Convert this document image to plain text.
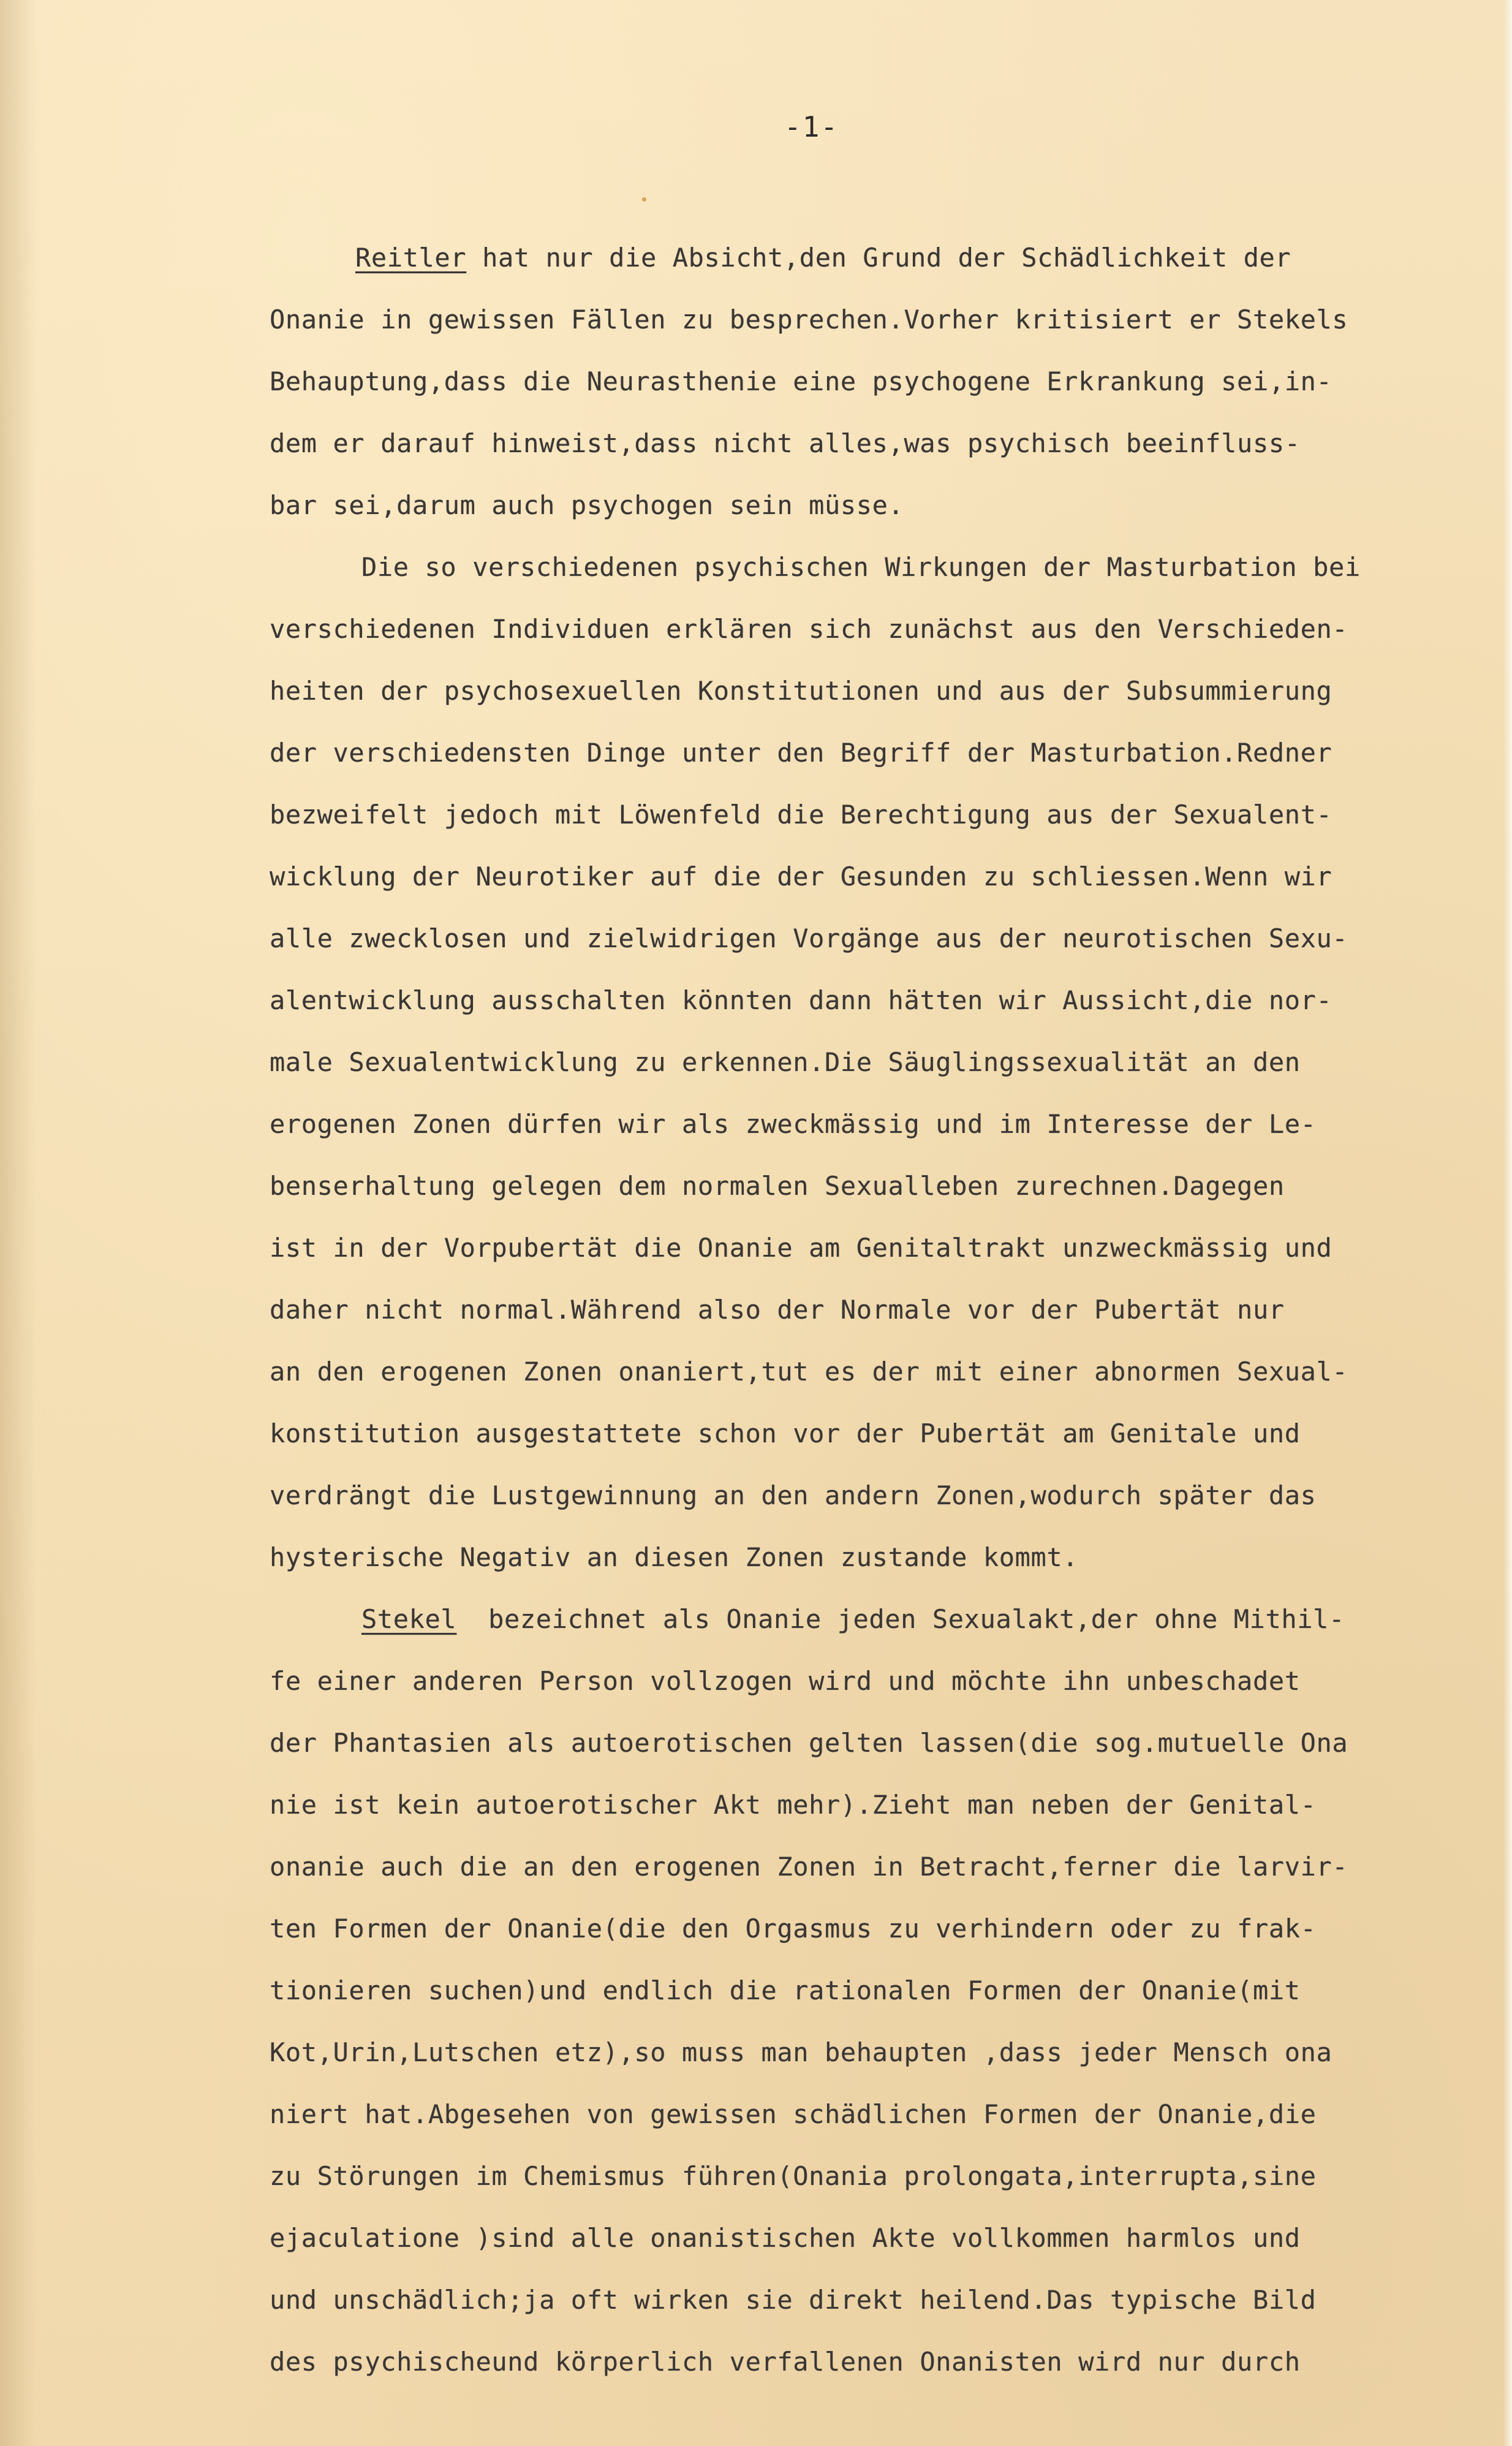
-1-
Reitler hat nur die Absicht,den Grund der Schädlichkeit der
Onanie in gewissen Fällen zu besprechen.Vorher kritisiert er Stekels
Behauptung,dass die Neurasthenie eine psychogene Erkrankung sei,in-
dem er darauf hinweist,dass nicht alles,was psychisch beeinfluss-
bar sei,darum auch psychogen sein müsse.
Die so verschiedenen psychischen Wirkungen der Masturbation bei
verschiedenen Individuen erklären sich zunächst aus den Verschieden-
heiten der psychosexuellen Konstitutionen und aus der Subsummierung
der verschiedensten Dinge unter den Begriff der Masturbation.Redner
bezweifelt jedoch mit Löwenfeld die Berechtigung aus der Sexualent-
wicklung der Neurotiker auf die der Gesunden zu schliessen.Wenn wir
alle zwecklosen und zielwidrigen Vorgänge aus der neurotischen Sexu-
alentwicklung ausschalten könnten dann hätten wir Aussicht,die nor-
male Sexualentwicklung zu erkennen.Die Säuglingssexualität an den
erogenen Zonen dürfen wir als zweckmässig und im Interesse der Le-
benserhaltung gelegen dem normalen Sexualleben zurechnen.Dagegen
ist in der Vorpubertät die Onanie am Genitaltrakt unzweckmässig und
daher nicht normal.Während also der Normale vor der Pubertät nur
an den erogenen Zonen onaniert,tut es der mit einer abnormen Sexual-
konstitution ausgestattete schon vor der Pubertät am Genitale und
verdrängt die Lustgewinnung an den andern Zonen,wodurch später das
hysterische Negativ an diesen Zonen zustande kommt.
Stekel  bezeichnet als Onanie jeden Sexualakt,der ohne Mithil-
fe einer anderen Person vollzogen wird und möchte ihn unbeschadet
der Phantasien als autoerotischen gelten lassen(die sog.mutuelle Ona
nie ist kein autoerotischer Akt mehr).Zieht man neben der Genital-
onanie auch die an den erogenen Zonen in Betracht,ferner die larvir-
ten Formen der Onanie(die den Orgasmus zu verhindern oder zu frak-
tionieren suchen)und endlich die rationalen Formen der Onanie(mit
Kot,Urin,Lutschen etz),so muss man behaupten ,dass jeder Mensch ona
niert hat.Abgesehen von gewissen schädlichen Formen der Onanie,die
zu Störungen im Chemismus führen(Onania prolongata,interrupta,sine
ejaculatione )sind alle onanistischen Akte vollkommen harmlos und
und unschädlich;ja oft wirken sie direkt heilend.Das typische Bild
des psychischeund körperlich verfallenen Onanisten wird nur durch
